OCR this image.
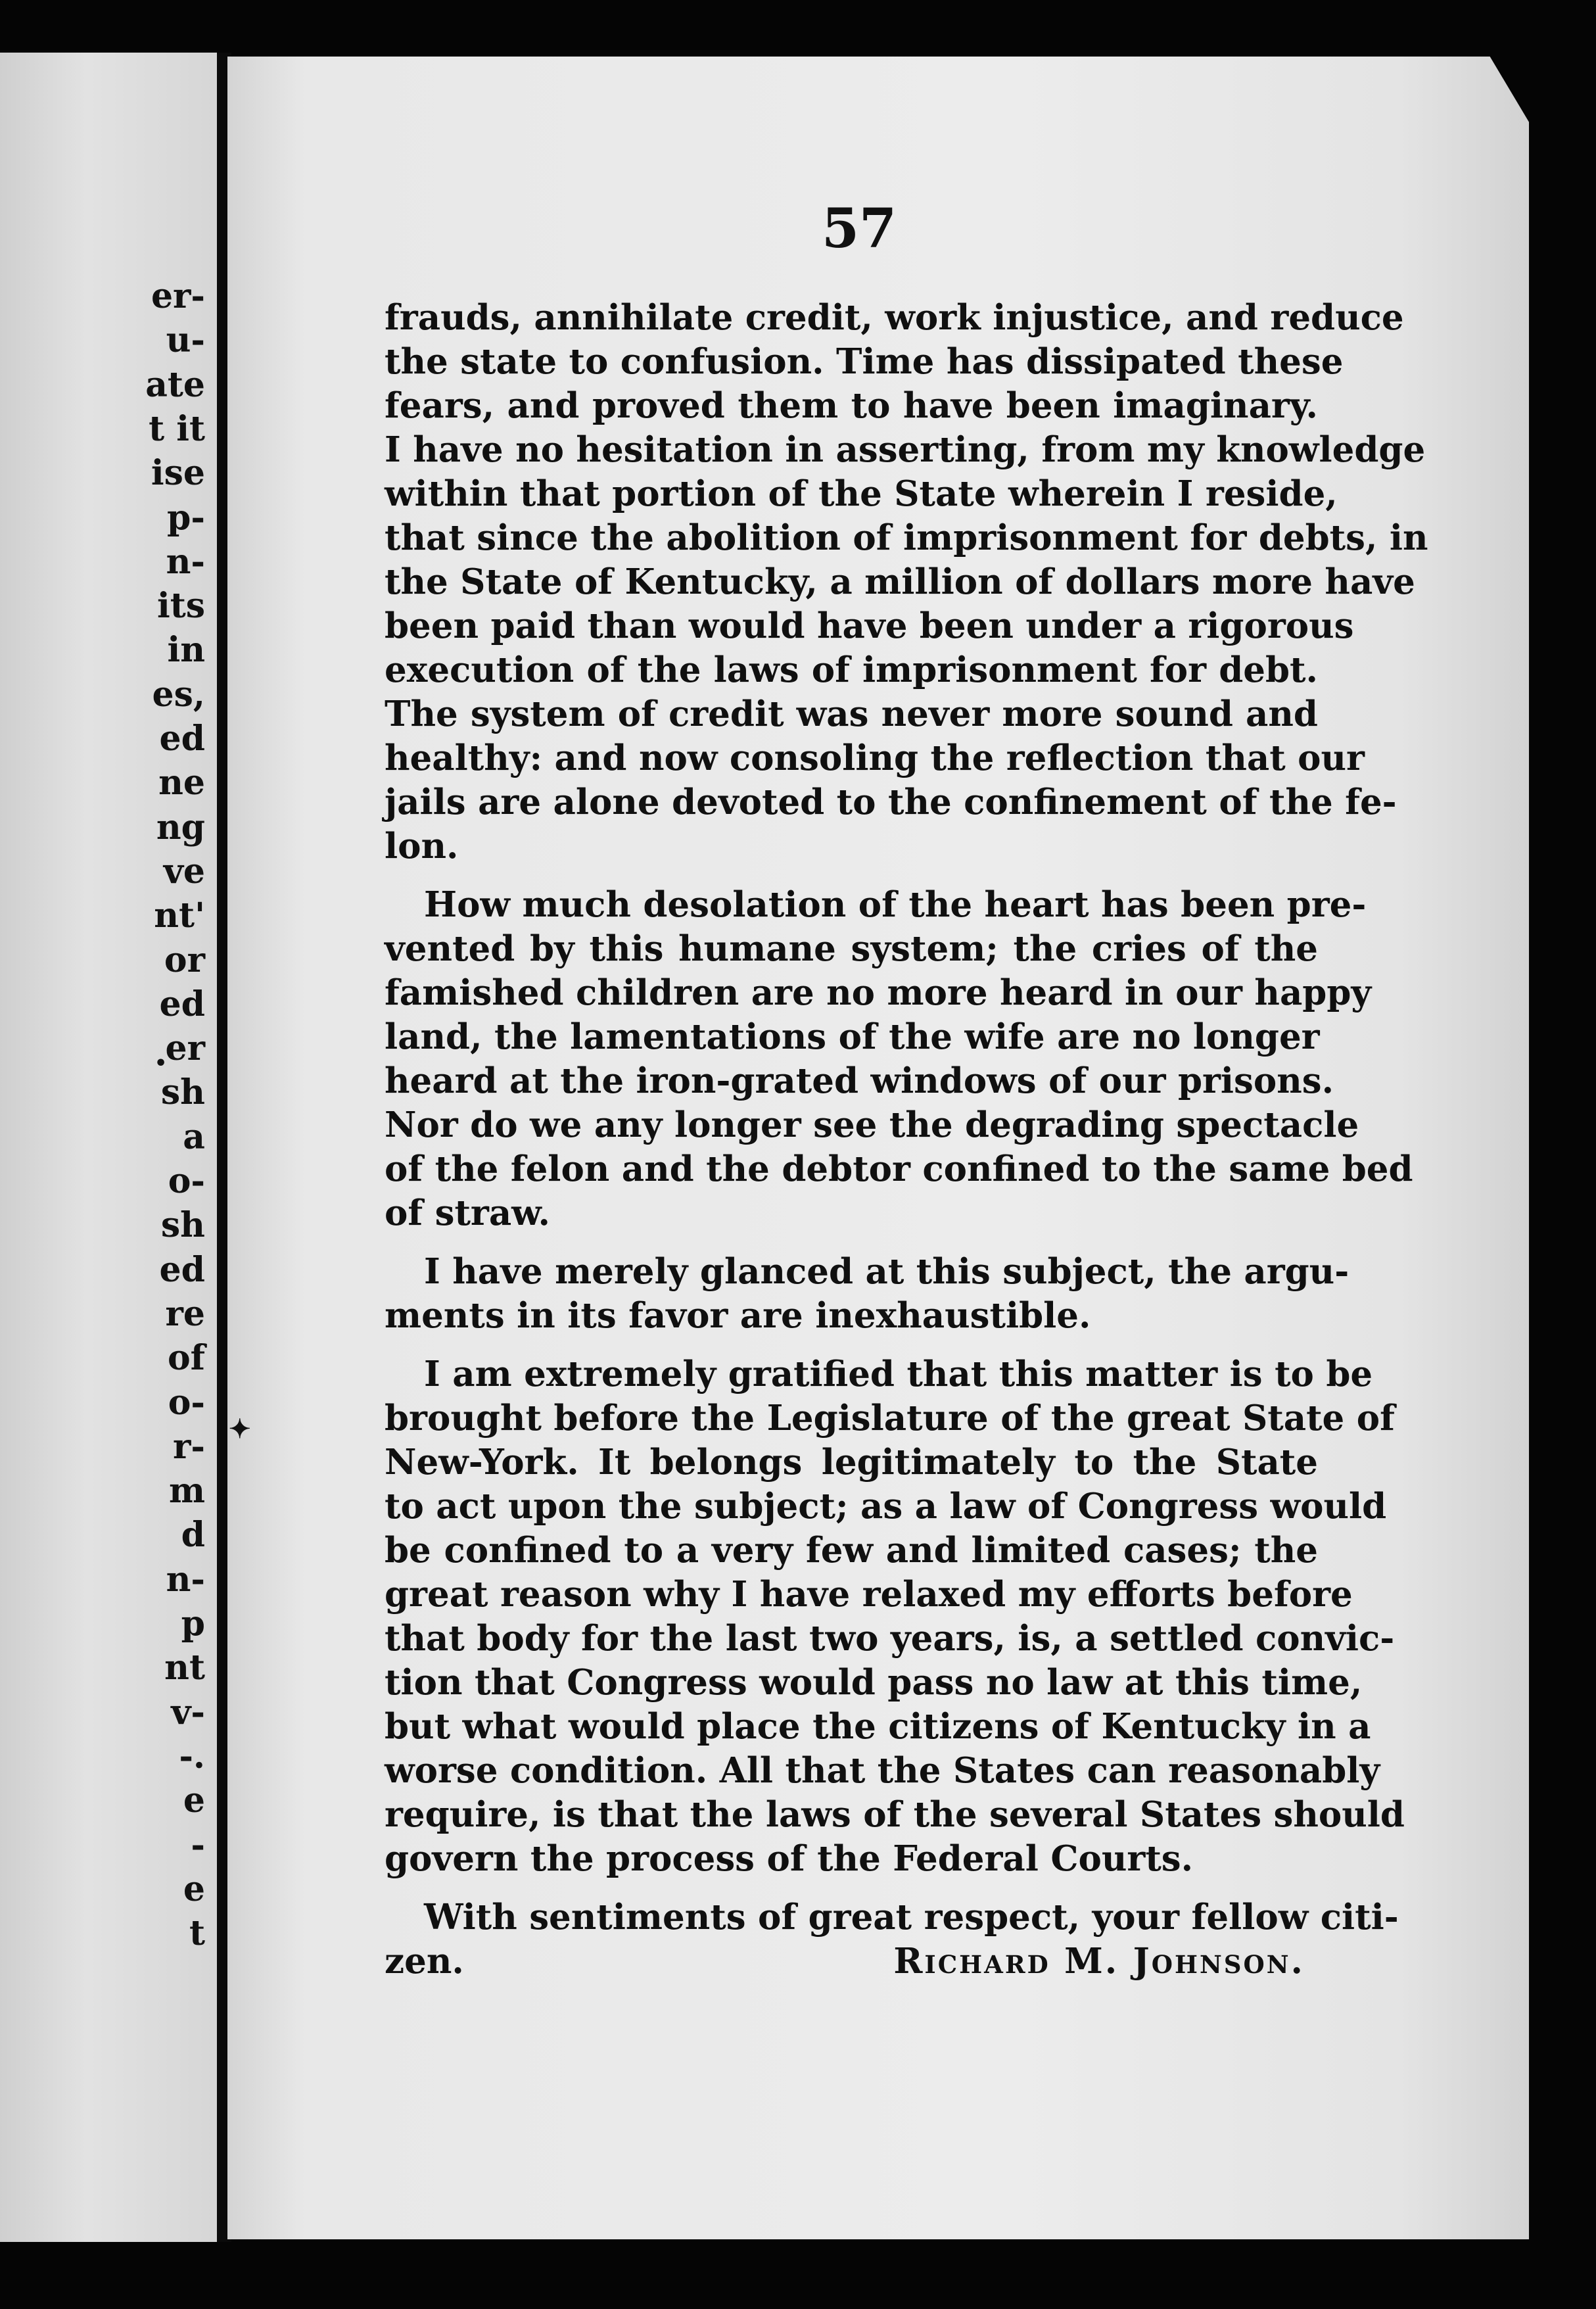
er-
u-
ate
t it
ise
p-
n-
its
in
es,
ed
ne
ng
ve
nt'
or
ed
er
sh
a
o-
sh
ed
re
of
o-
r-
m
d
n-
p
nt
v-
-.
e
-
e
t
✦
•
57
frauds, annihilate credit, work injustice, and reduce
the state to confusion. Time has dissipated these
fears, and proved them to have been imaginary.
I have no hesitation in asserting, from my knowledge
within that portion of the State wherein I reside,
that since the abolition of imprisonment for debts, in
the State of Kentucky, a million of dollars more have
been paid than would have been under a rigorous
execution of the laws of imprisonment for debt.
The system of credit was never more sound and
healthy: and now consoling the reflection that our
jails are alone devoted to the confinement of the fe-
lon.
How much desolation of the heart has been pre-
vented by this humane system; the cries of the
famished children are no more heard in our happy
land, the lamentations of the wife are no longer
heard at the iron-grated windows of our prisons.
Nor do we any longer see the degrading spectacle
of the felon and the debtor confined to the same bed
of straw.
I have merely glanced at this subject, the argu-
ments in its favor are inexhaustible.
I am extremely gratified that this matter is to be
brought before the Legislature of the great State of
New-York. It belongs legitimately to the State
to act upon the subject; as a law of Congress would
be confined to a very few and limited cases; the
great reason why I have relaxed my efforts before
that body for the last two years, is, a settled convic-
tion that Congress would pass no law at this time,
but what would place the citizens of Kentucky in a
worse condition. All that the States can reasonably
require, is that the laws of the several States should
govern the process of the Federal Courts.
With sentiments of great respect, your fellow citi-
zen.	Richard M. Johnson.
